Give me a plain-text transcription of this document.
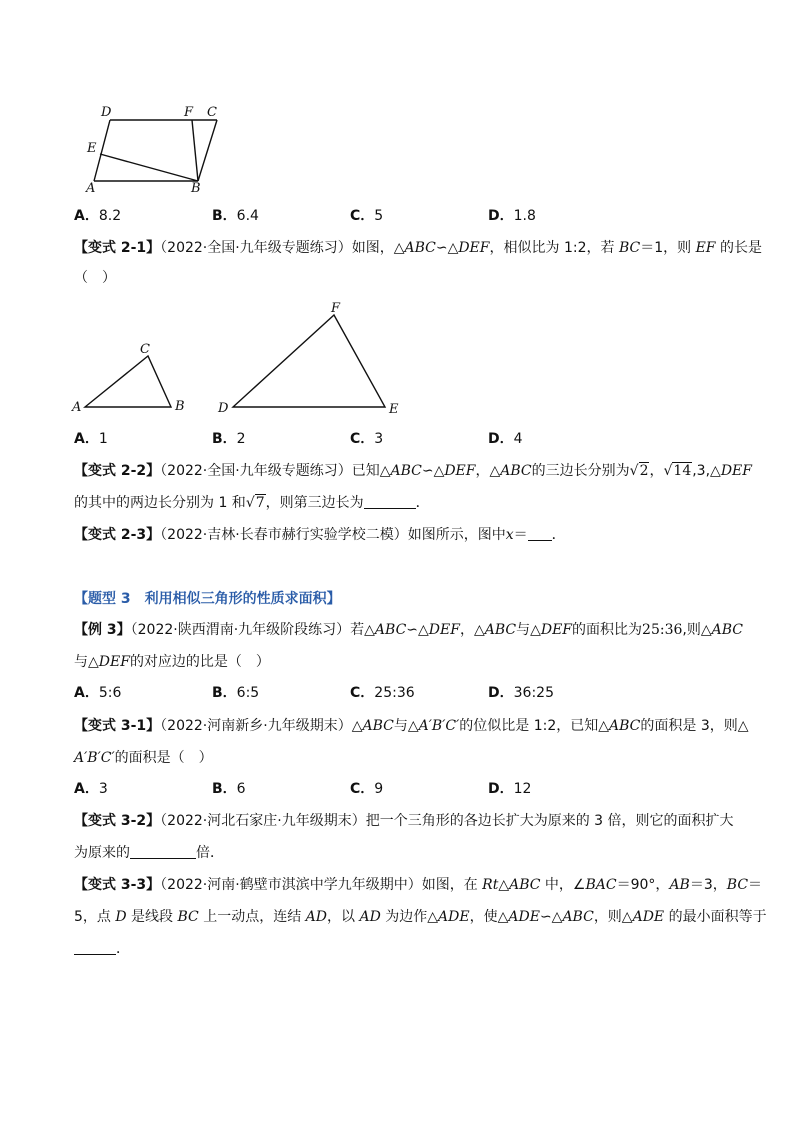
D	F C
E
A	B
A．8.2	B．6.4	C．5	D．1.8
【变式 2-1】（2022·全国·九年级专题练习）如图，△ABC∽△DEF，相似比为 1:2，若 BC＝1，则 EF 的长是
（　）
A	B
C
D	E
F
A．1	B．2	C．3	D．4
【变式 2-2】（2022·全国·九年级专题练习）已知△ABC∽△DEF，△ABC的三边长分别为√2，√14,3,△DEF
的其中的两边长分别为 1 和√7，则第三边长为	．
【变式 2-3】（2022·吉林·长春市赫行实验学校二模）如图所示，图中x＝ ．
【题型 3　利用相似三角形的性质求面积】
【例 3】（2022·陕西渭南·九年级阶段练习）若△ABC∽△DEF，△ABC与△DEF的面积比为25:36,则△ABC
与△DEF的对应边的比是（　）
A．5:6	B．6:5	C．25:36	D．36:25
【变式 3-1】（2022·河南新乡·九年级期末）△ABC与△A′B′C′的位似比是 1:2，已知△ABC的面积是 3，则△
A′B′C′的面积是（　）
A．3	B．6	C．9	D．12
【变式 3-2】（2022·河北石家庄·九年级期末）把一个三角形的各边长扩大为原来的 3 倍，则它的面积扩大
为原来的	倍．
【变式 3-3】（2022·河南·鹤壁市淇滨中学九年级期中）如图，在 Rt△ABC 中，∠BAC＝90°，AB＝3，BC＝
5，点 D 是线段 BC 上一动点，连结 AD，以 AD 为边作△ADE，使△ADE∽△ABC，则△ADE 的最小面积等于
．
